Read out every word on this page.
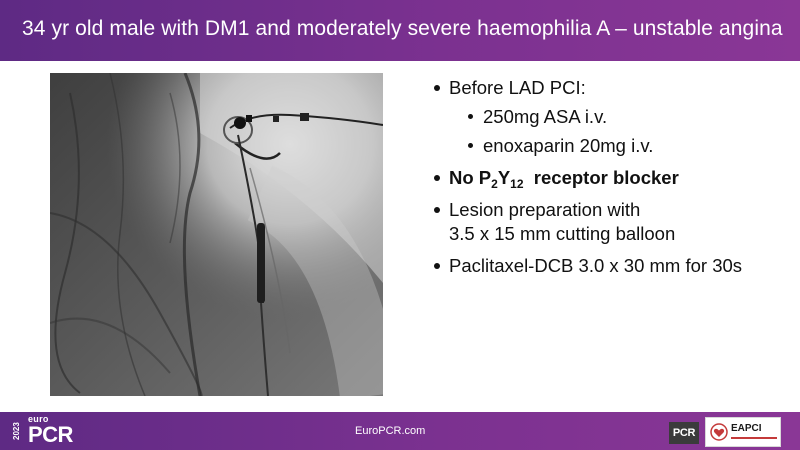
34 yr old male with DM1 and moderately severe haemophilia A – unstable angina
Before LAD PCI:
250mg ASA i.v.
enoxaparin 20mg i.v.
No $P_2Y_{12}$  receptor blocker
Lesion preparation with
3.5 x 15 mm cutting balloon
Paclitaxel-DCB 3.0 x 30 mm for 30s
2023
euro
PCR	EuroPCR.com	PCR	EAPCI
